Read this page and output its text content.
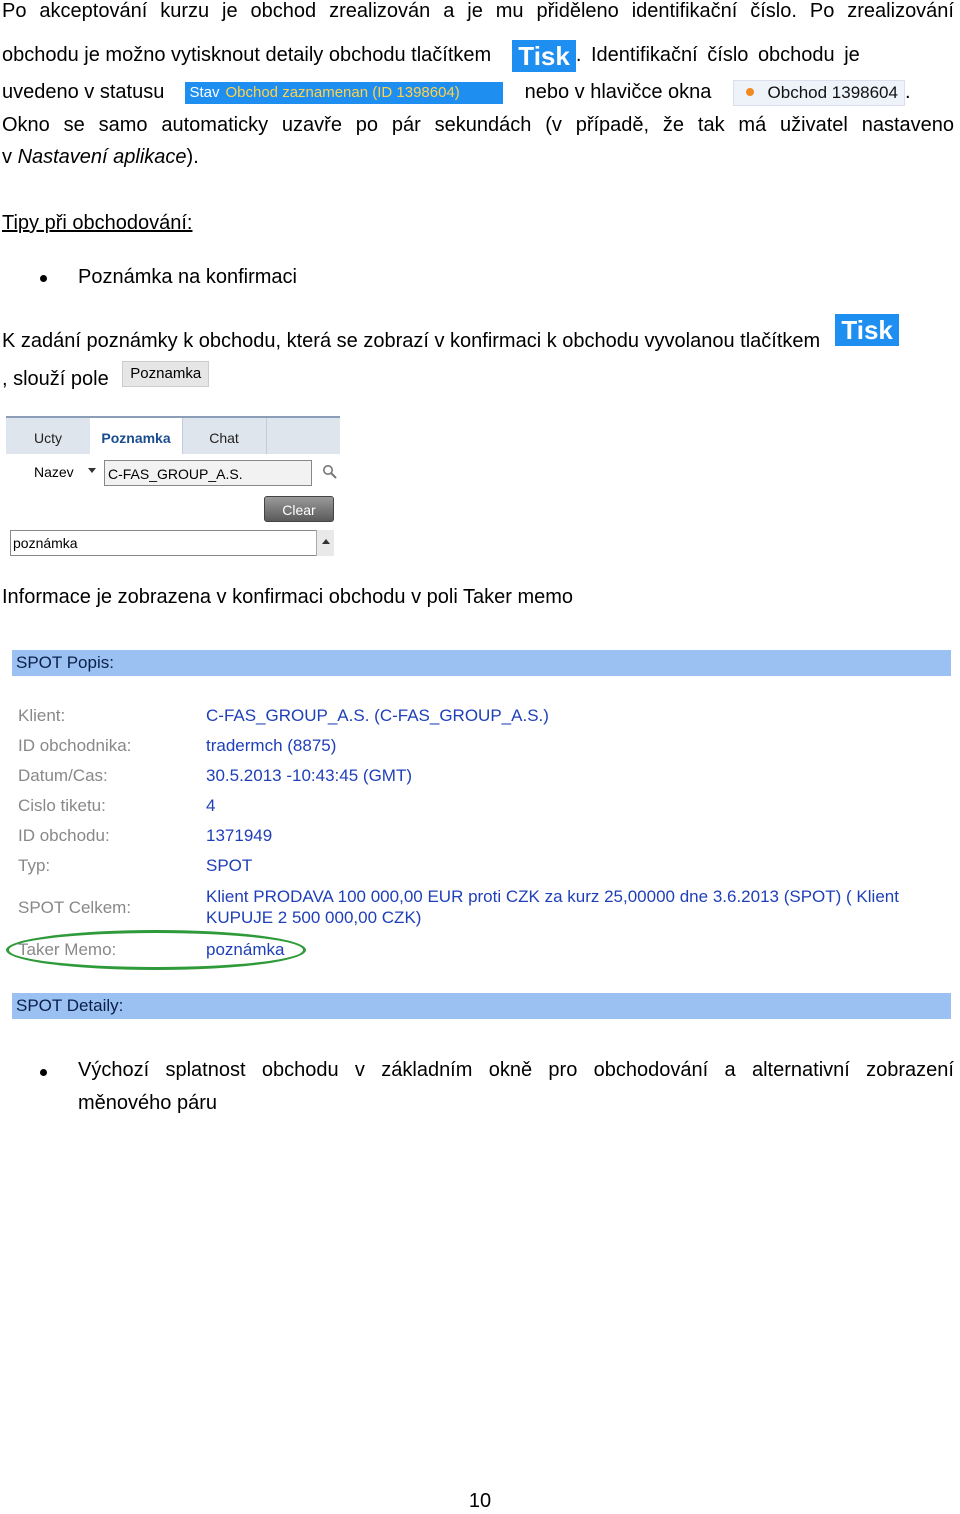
Po akceptování kurzu je obchod zrealizován a je mu přiděleno identifikační číslo. Po zrealizování
obchodu je možno vytisknout detaily obchodu tlačítkem Tisk . Identifikační číslo obchodu je
uvedeno v statusu Stav Obchod zaznamenan (ID 1398604)	nebo v hlavičce okna	Obchod 1398604 .
Okno se samo automaticky uzavře po pár sekundách (v případě, že tak má uživatel nastaveno
v Nastavení aplikace).
Tipy při obchodování:
Poznámka na konfirmaci
K zadání poznámky k obchodu, která se zobrazí v konfirmaci k obchodu vyvolanou tlačítkem Tisk
, slouží pole Poznamka
Ucty	Poznamka	Chat
Nazev C-FAS_GROUP_A.S.
Clear
poznámka
Informace je zobrazena v konfirmaci obchodu v poli Taker memo
SPOT Popis:
Klient:	C-FAS_GROUP_A.S. (C-FAS_GROUP_A.S.)
ID obchodnika:	tradermch (8875)
Datum/Cas:	30.5.2013 -10:43:45 (GMT)
Cislo tiketu:	4
ID obchodu:	1371949
Typ:	SPOT
SPOT Celkem:
Klient PRODAVA 100 000,00 EUR proti CZK za kurz 25,00000 dne 3.6.2013 (SPOT) ( Klient
KUPUJE 2 500 000,00 CZK)
Taker Memo:	poznámka
SPOT Detaily:
Výchozí splatnost obchodu v základním okně pro obchodování a alternativní zobrazení
měnového páru
10
